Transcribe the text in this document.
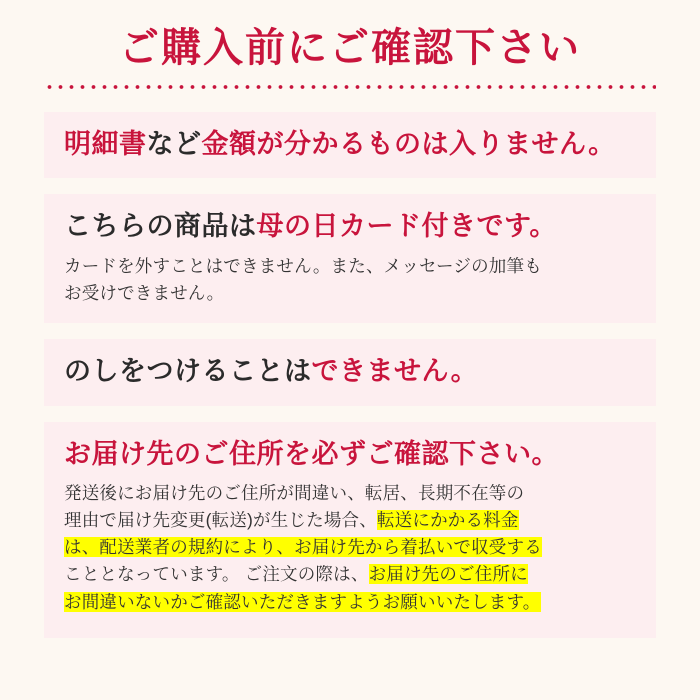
ご購入前にご確認下さい
明細書など金額が分かるものは入りません。
こちらの商品は母の日カード付きです。
カードを外すことはできません。また、メッセージの加筆も
お受けできません。
のしをつけることはできません。
お届け先のご住所を必ずご確認下さい。
発送後にお届け先のご住所が間違い、転居、長期不在等の
理由で届け先変更(転送)が生じた場合、転送にかかる料金
は、配送業者の規約により、お届け先から着払いで収受する
こととなっています。 ご注文の際は、お届け先のご住所に
お間違いないかご確認いただきますようお願いいたします。
